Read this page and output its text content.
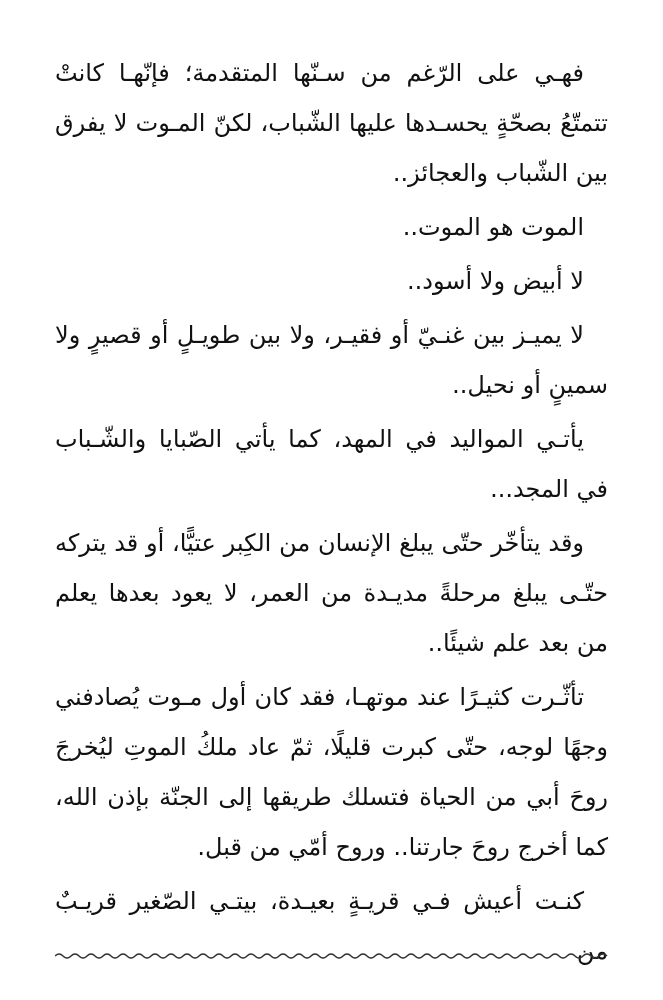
فهـي على الرّغم من سـنّها المتقدمة؛ فإنّهـا كانتْ تتمتّعُ بصحّةٍ يحسـدها عليها الشّباب، لكنّ المـوت لا يفرق بين الشّباب والعجائز..

الموت هو الموت..

لا أبيض ولا أسود..

لا يميـز بين غنـيّ أو فقيـر، ولا بين طويـلٍ أو قصيرٍ ولا سمينٍ أو نحيل..

يأتـي المواليد في المهد، كما يأتي الصّبايا والشّـباب في المجد...

وقد يتأخّر حتّى يبلغ الإنسان من الكِبر عتيًّا، أو قد يتركه حتّـى يبلغ مرحلةً مديـدة من العمر، لا يعود بعدها يعلم من بعد علم شيئًا..

تأثّـرت كثيـرًا عند موتهـا، فقد كان أول مـوت يُصادفني وجهًا لوجه، حتّى كبرت قليلًا، ثمّ عاد ملكُ الموتِ ليُخرجَ روحَ أبي من الحياة فتسلك طريقها إلى الجنّة بإذن الله، كما أخرج روحَ جارتنا.. وروح أمّي من قبل.

كنـت أعيش فـي قريـةٍ بعيـدة، بيتـي الصّغير قريـبٌ من
